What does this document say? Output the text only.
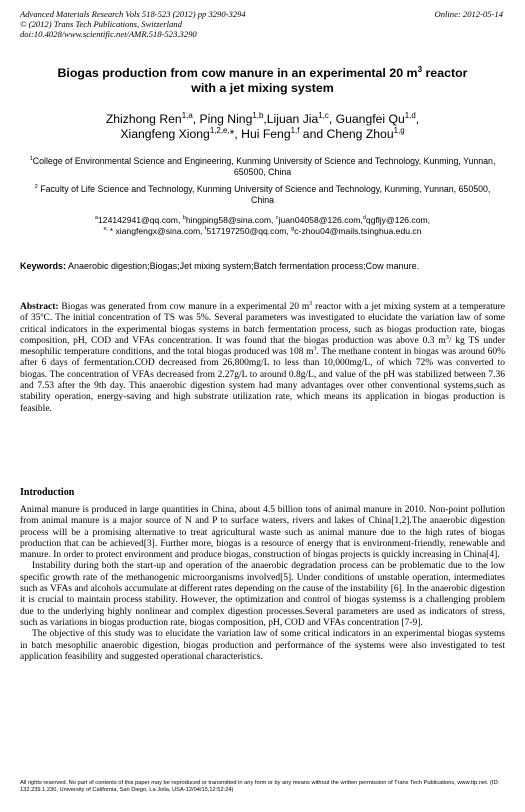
Advanced Materials Research Vols 518-523 (2012) pp 3290-3294
© (2012) Trans Tech Publications, Switzerland
doi:10.4028/www.scientific.net/AMR.518-523.3290
Online: 2012-05-14
Biogas production from cow manure in an experimental 20 $m^3$ reactor
with a jet mixing system
Zhizhong Ren$^{1,a}$, Ping Ning$^{1,b}$,Lijuan Jia$^{1,c}$, Guangfei Qu$^{1,d}$,
Xiangfeng Xiong$^{1,2,e,}$*, Hui Feng$^{1,f}$ and Cheng Zhou$^{1,g}$
$^1$College of Environmental Science and Engineering, Kunming University of Science and Technology, Kunming, Yunnan, 650500, China
$^2$ Faculty of Life Science and Technology, Kunming University of Science and Technology, Kunming, Yunnan, 650500, China
$^a$124142941@qq.com, $^b$hingping58@sina.com, $^c$juan04058@126.com,$^d$qgfljy@126.com,
$^{e,}$ * xiangfengx@sina.com, $^f$517197250@qq.com, $^g$c-zhou04@mails.tsinghua.edu.cn
Keywords: Anaerobic digestion;Biogas;Jet mixing system;Batch fermentation process;Cow manure.
Abstract: Biogas was generated from cow manure in a experimental 20 $m^3$ reactor with a jet mixing system at a temperature of 35ºC. The initial concentration of TS was 5%. Several parameters was investigated to elucidate the variation law of some critical indicators in the experimental biogas systems in batch fermentation process, such as biogas production rate, biogas composition, pH, COD and VFAs concentration. It was found that the biogas production was above 0.3 $m^3/$ kg TS under mesophilic temperature conditions, and the total biogas produced was 108 $m^3$. The methane content in biogas was around 60% after 6 days of fermentation.COD decreased from 26,800mg/L to less than 10,000mg/L, of which 72% was converted to biogas. The concentration of VFAs decreased from 2.27g/L to around 0.8g/L, and value of the pH was stabilized between 7.36 and 7.53 after the 9th day. This anaerobic digestion system had many advantages over other conventional systems,such as stability operation, energy-saving and high substrate utilization rate, which means its application in biogas production is feasible.
Introduction

Animal manure is produced in large quantities in China, about 4.5 billion tons of animal manure in 2010. Non-point pollution from animal manure is a major source of N and P to surface waters, rivers and lakes of China[1,2].The anaerobic digestion process will be a promising alternative to treat agricultural waste such as animal manure due to the high rates of biogas production that can be achieved[3]. Further more, biogas is a resource of energy that is environment-friendly, renewable and manure. In order to protect environment and produce biogas, construction of biogas projects is quickly increasing in China[4].

Instability during both the start-up and operation of the anaerobic degradation process can be problematic due to the low specific growth rate of the methanogenic microorganisms involved[5]. Under conditions of unstable operation, intermediates such as VFAs and alcohols accumulate at different rates depending on the cause of the instability [6]. In the anaerobic digestion it is crucial to maintain process stability. However, the optimization and control of biogas systemss is a challenging problem due to the underlying highly nonlinear and complex digestion processes.Several parameters are used as indicators of stress, such as variations in biogas production rate, biogas composition, pH, COD and VFAs concentration [7-9].

The objective of this study was to elucidate the variation law of some critical indicators in an experimental biogas systems in batch mesophilic anaerobic digestion, biogas production and performance of the systems were also investigated to test application feasibility and suggested operational characteristics.

All rights reserved. No part of contents of this paper may be reproduced or transmitted in any form or by any means without the written permission of Trans Tech Publications, www.ttp.net. (ID: 132.239.1.230, University of California, San Diego, La Jolla, USA-12/04/15,12:52:24)
